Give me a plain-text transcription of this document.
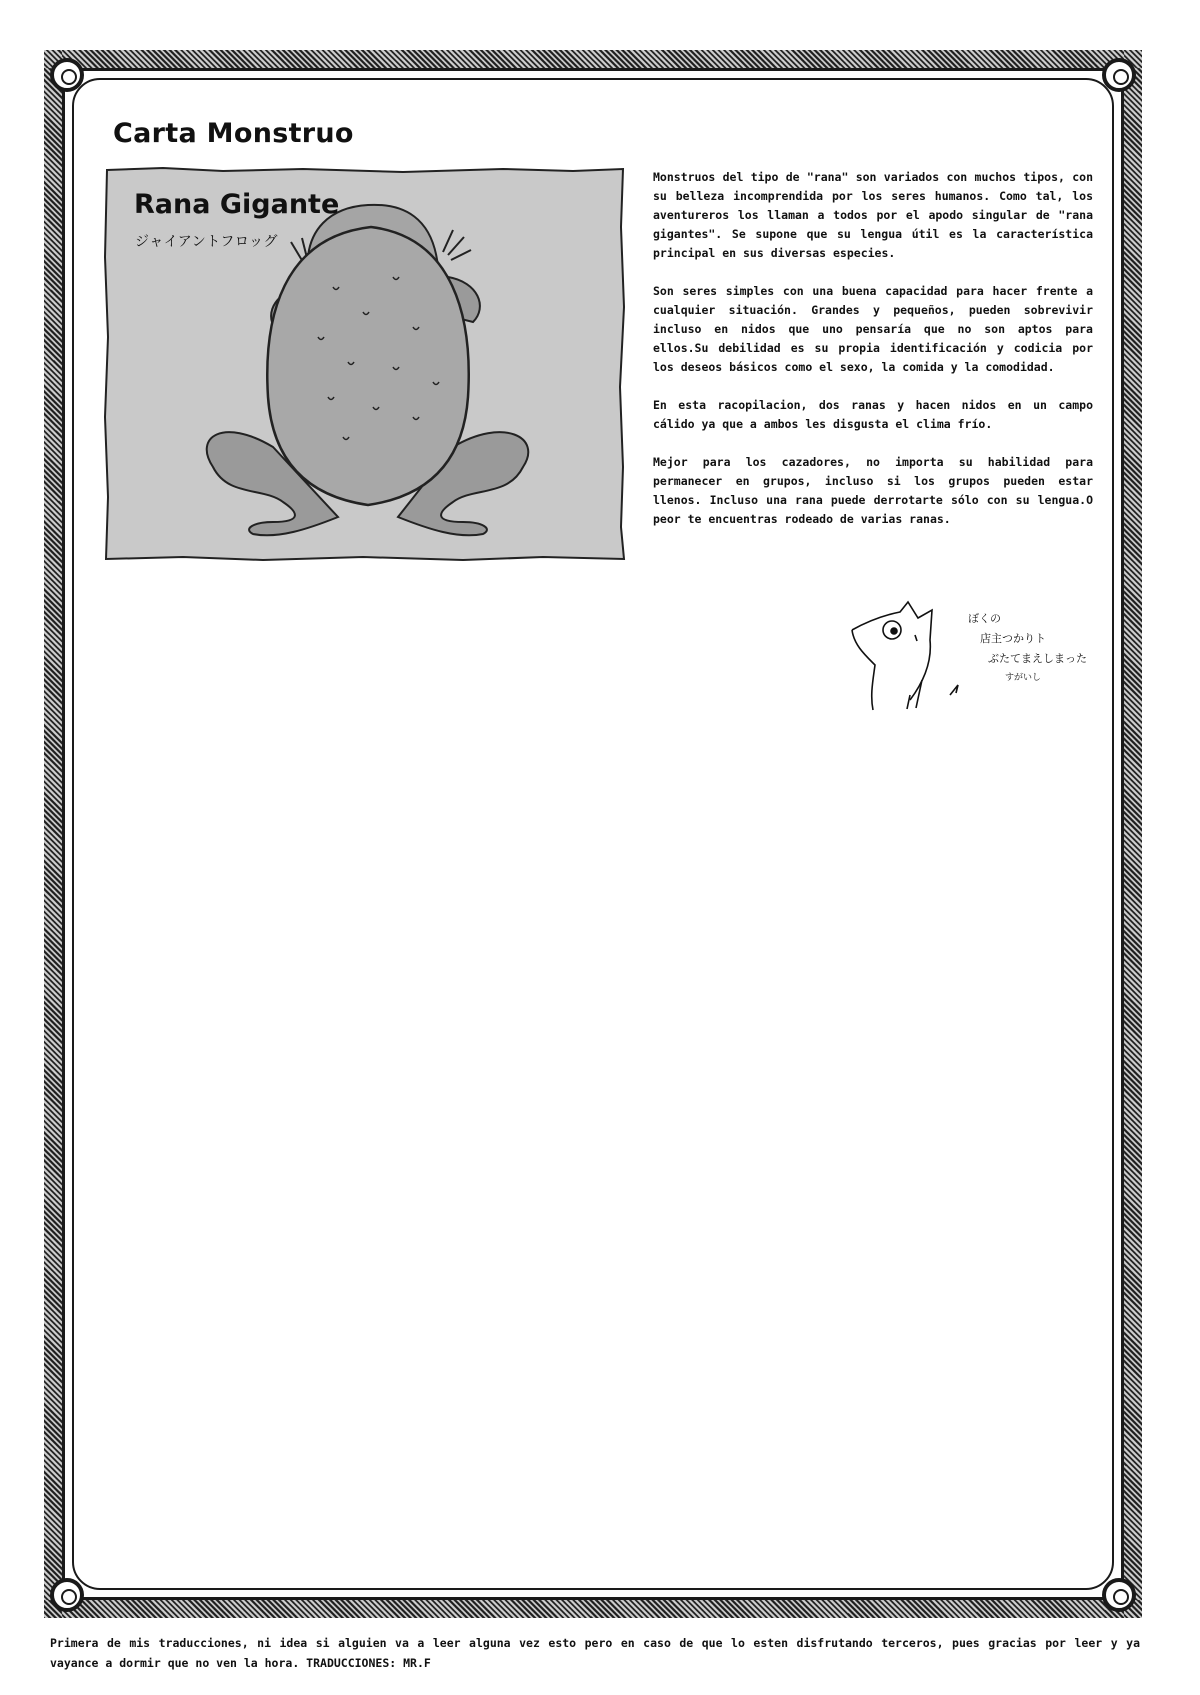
Carta Monstruo
Rana Gigante
ジャイアントフロッグ

Monstruos del tipo de "rana" son variados con muchos tipos, con su belleza incomprendida por los seres humanos. Como tal, los aventureros los llaman a todos por el apodo singular de "rana gigantes". Se supone que su lengua útil es la característica principal en sus diversas especies.

Son seres simples con una buena capacidad para hacer frente a cualquier situación. Grandes y pequeños, pueden sobrevivir incluso en nidos que uno pensaría que no son aptos para ellos.Su debilidad es su propia identificación y codicia por los deseos básicos como el sexo, la comida y la comodidad.

En esta racopilacion, dos ranas y hacen nidos en un campo cálido ya que a ambos les disgusta el clima frío.

Mejor para los cazadores, no importa su habilidad para permanecer en grupos, incluso si los grupos pueden estar llenos. Incluso una rana puede derrotarte sólo con su lengua.O peor te encuentras rodeado de varias ranas.

ぼくの
店主つかりト
ぶたてまえしまった
すがいし
Primera de mis traducciones, ni idea si alguien va a leer alguna vez esto pero en caso de que lo esten disfrutando terceros, pues gracias por leer y ya vayance a dormir que no ven la hora. TRADUCCIONES: MR.F
